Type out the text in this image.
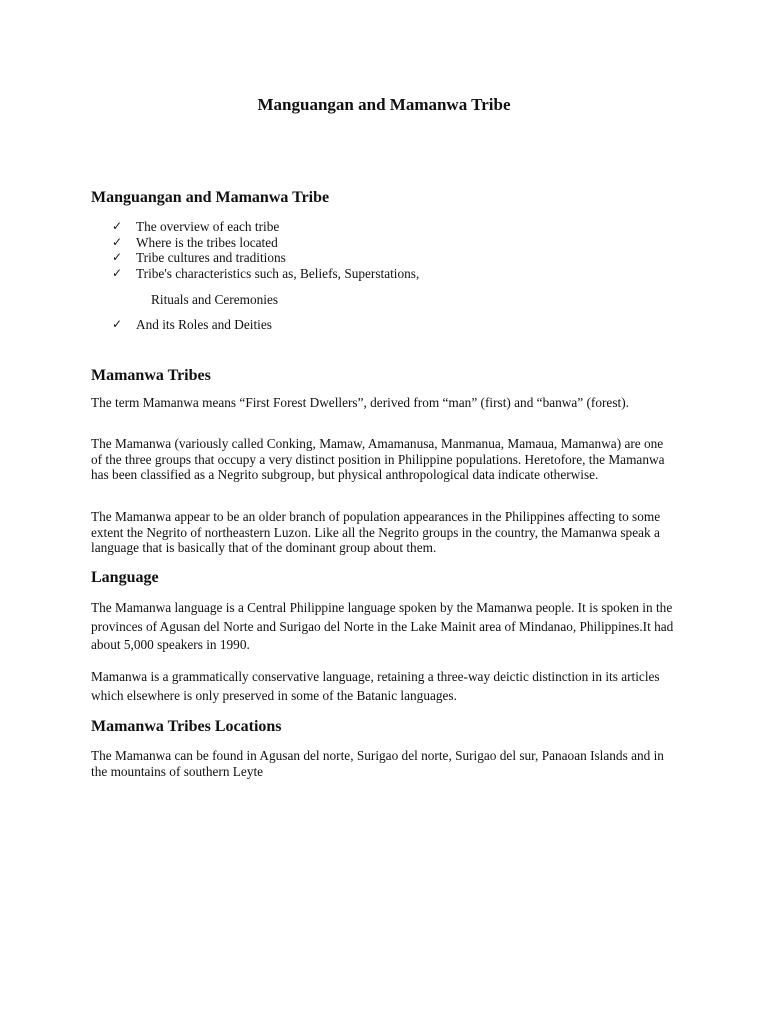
Manguangan and Mamanwa Tribe
Manguangan and Mamanwa Tribe
✓ The overview of each tribe
✓ Where is the tribes located
✓ Tribe cultures and traditions
✓ Tribe's characteristics such as, Beliefs, Superstations,

Rituals and Ceremonies

✓ And its Roles and Deities

Mamanwa Tribes

The term Mamanwa means “First Forest Dwellers”, derived from “man” (first) and “banwa” (forest).

The Mamanwa (variously called Conking, Mamaw, Amamanusa, Manmanua, Mamaua, Mamanwa) are one of the three groups that occupy a very distinct position in Philippine populations. Heretofore, the Mamanwa has been classified as a Negrito subgroup, but physical anthropological data indicate otherwise.

The Mamanwa appear to be an older branch of population appearances in the Philippines affecting to some extent the Negrito of northeastern Luzon. Like all the Negrito groups in the country, the Mamanwa speak a language that is basically that of the dominant group about them.

Language

The Mamanwa language is a Central Philippine language spoken by the Mamanwa people. It is spoken in the provinces of Agusan del Norte and Surigao del Norte in the Lake Mainit area of Mindanao, Philippines.It had about 5,000 speakers in 1990.

Mamanwa is a grammatically conservative language, retaining a three-way deictic distinction in its articles which elsewhere is only preserved in some of the Batanic languages.

Mamanwa Tribes Locations

The Mamanwa can be found in Agusan del norte, Surigao del norte, Surigao del sur, Panaoan Islands and in the mountains of southern Leyte
